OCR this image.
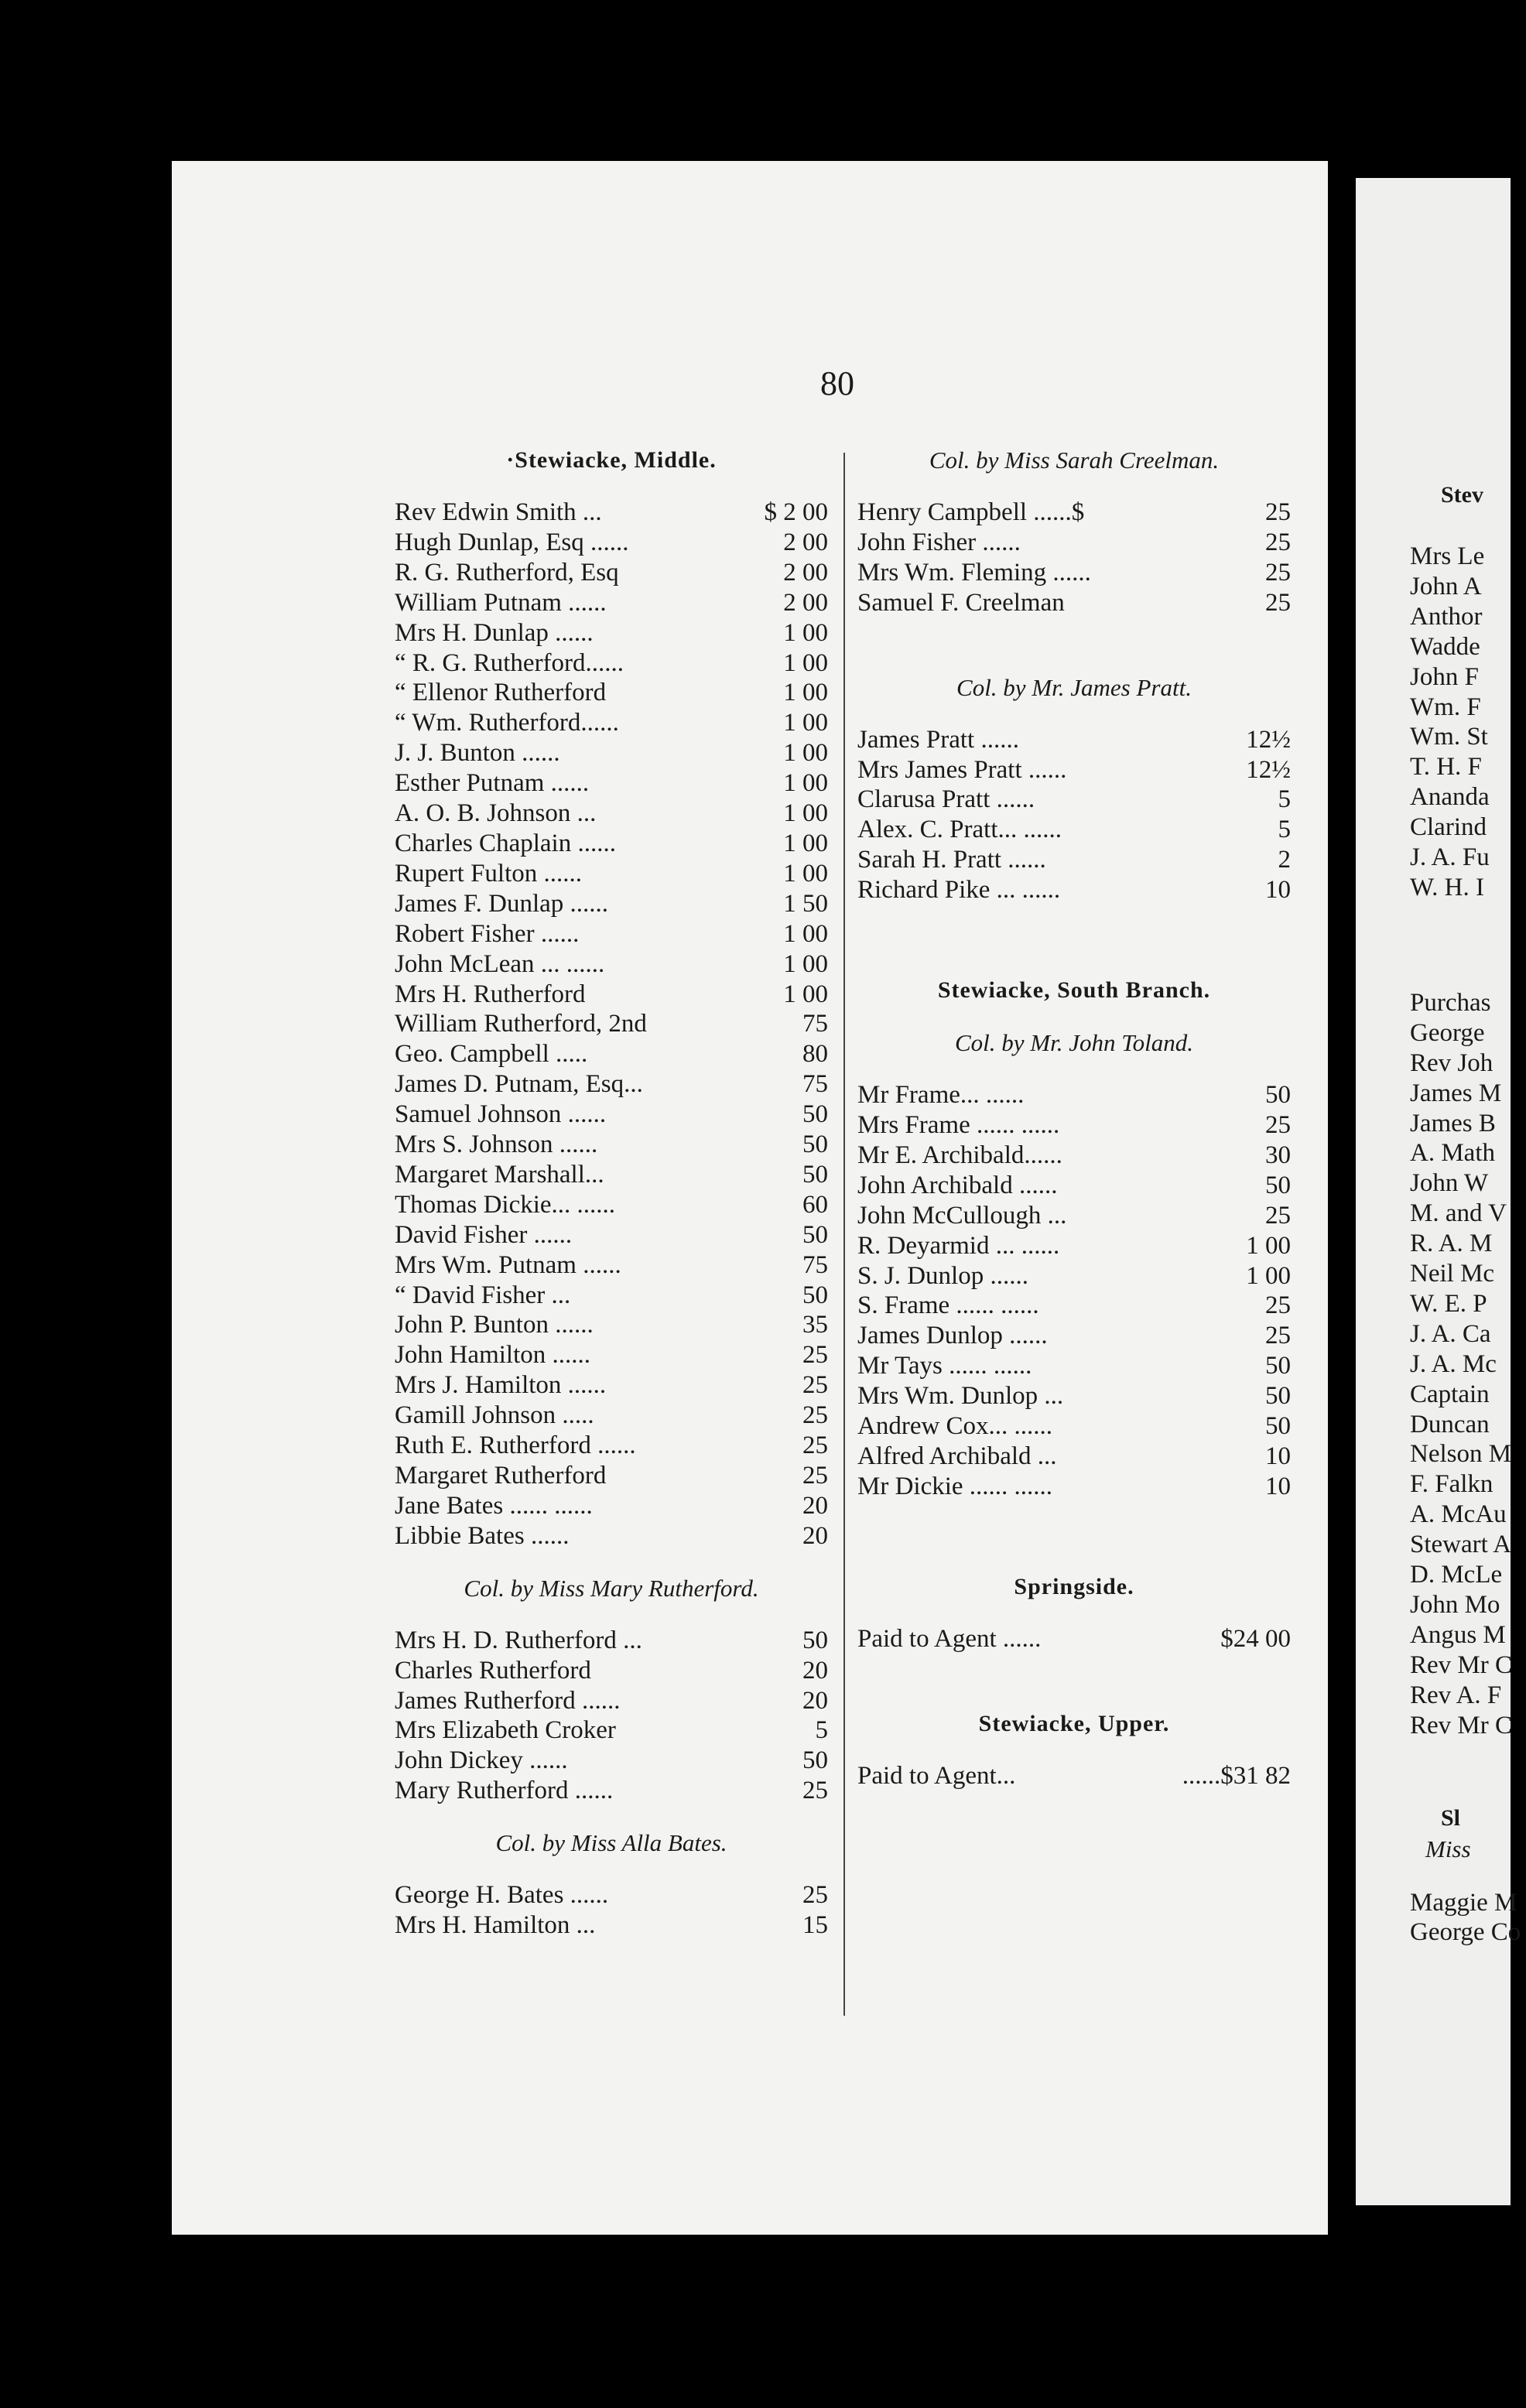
80
·Stewiacke, Middle.
Rev Edwin Smith ...	$ 2 00
Hugh Dunlap, Esq ......	2 00
R. G. Rutherford, Esq	2 00
William Putnam ......	2 00
Mrs H. Dunlap ......	1 00
“ R. G. Rutherford......	1 00
“ Ellenor Rutherford	1 00
“ Wm. Rutherford......	1 00
J. J. Bunton ......	1 00
Esther Putnam ......	1 00
A. O. B. Johnson ...	1 00
Charles Chaplain ......	1 00
Rupert Fulton ......	1 00
James F. Dunlap ......	1 50
Robert Fisher ......	1 00
John McLean ... ......	1 00
Mrs H. Rutherford	1 00
William Rutherford, 2nd	75
Geo. Campbell .....	80
James D. Putnam, Esq...	75
Samuel Johnson ......	50
Mrs S. Johnson ......	50
Margaret Marshall...	50
Thomas Dickie... ......	60
David Fisher ......	50
Mrs Wm. Putnam ......	75
“ David Fisher ...	50
John P. Bunton ......	35
John Hamilton ......	25
Mrs J. Hamilton ......	25
Gamill Johnson .....	25
Ruth E. Rutherford ......	25
Margaret Rutherford	25
Jane Bates ...... ......	20
Libbie Bates ......	20
Col. by Miss Mary Rutherford.
Mrs H. D. Rutherford ...	50
Charles Rutherford	20
James Rutherford ......	20
Mrs Elizabeth Croker	5
John Dickey ......	50
Mary Rutherford ......	25
Col. by Miss Alla Bates.
George H. Bates ......	25
Mrs H. Hamilton ...	15
Col. by Miss Sarah Creelman.
Henry Campbell ......$	25
John Fisher ......	25
Mrs Wm. Fleming ......	25
Samuel F. Creelman	25
Col. by Mr. James Pratt.
James Pratt ......	12½
Mrs James Pratt ......	12½
Clarusa Pratt ......	5
Alex. C. Pratt... ......	5
Sarah H. Pratt ......	2
Richard Pike ... ......	10
Stewiacke, South Branch.
Col. by Mr. John Toland.
Mr Frame... ......	50
Mrs Frame ...... ......	25
Mr E. Archibald......	30
John Archibald ......	50
John McCullough ...	25
R. Deyarmid ... ......	1 00
S. J. Dunlop ......	1 00
S. Frame ...... ......	25
James Dunlop ......	25
Mr Tays ...... ......	50
Mrs Wm. Dunlop ...	50
Andrew Cox... ......	50
Alfred Archibald ...	10
Mr Dickie ...... ......	10
Springside.
Paid to Agent ......	$24 00
Stewiacke, Upper.
Paid to Agent...	......$31 82
Stev
Mrs Le
John A
Anthor
Wadde
John F
Wm. F
Wm. St
T. H. F
Ananda
Clarind
J. A. Fu
W. H. I
Purchas
George
Rev Joh
James M
James B
A. Math
John W
M. and V
R. A. M
Neil Mc
W. E. P
J. A. Ca
J. A. Mc
Captain
Duncan
Nelson M
F. Falkn
A. McAu
Stewart A
D. McLe
John Mo
Angus M
Rev Mr C
Rev A. F
Rev Mr C
Sl
Miss
Maggie M
George Co
